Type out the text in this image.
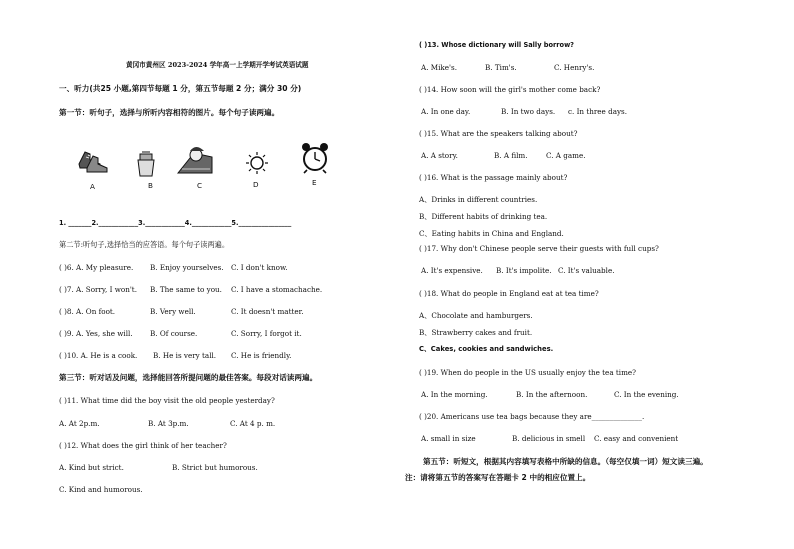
黄冈市黄州区 2023-2024 学年高一上学期开学考试英语试题
一、听力(共25 小题,第四节每题 1 分，第五节每题 2 分；满分 30 分)
第一节：听句子，选择与所听内容相符的图片。每个句子读两遍。
A	B	C	D	E
1. _______2.____________3.____________4.____________5.________________
第二节:听句子,选择恰当的应答语。每个句子读两遍。
( )6. A. My pleasure. B. Enjoy yourselves. C. I don't know.
( )7. A. Sorry, I won't. B. The same to you. C. I have a stomachache.
( )8. A. On foot.	B. Very well.	C. It doesn't matter.
( )9. A. Yes, she will. B. Of course.	C. Sorry, I forgot it.
( )10. A. He is a cook. B. He is very tall. C. He is friendly.
第三节：听对话及问题，选择能回答所提问题的最佳答案。每段对话读两遍。
( )11. What time did the boy visit the old people yesterday?
A. At 2p.m.	B. At 3p.m.	C. At 4 p. m.
( )12. What does the girl think of her teacher?
A. Kind but strict.	B. Strict but humorous.
C. Kind and humorous.
( )13. Whose dictionary will Sally borrow?
A. Mike's.	B. Tim's.	C. Henry's.
( )14. How soon will the girl's mother come back?
A. In one day.	B. In two days. c. In three days.
( )15. What are the speakers talking about?
A. A story.	B. A film.	C. A game.
( )16. What is the passage mainly about?
A、Drinks in different countries.
B、Different habits of drinking tea.
C、Eating habits in China and England.
( )17. Why don't Chinese people serve their guests with full cups?
A. It's expensive. B. It's impolite. C. It's valuable.
( )18. What do people in England eat at tea time?
A、Chocolate and hamburgers.
B、Strawberry cakes and fruit.
C、Cakes, cookies and sandwiches.
( )19. When do people in the US usually enjoy the tea time?
A. In the morning.	B. In the afternoon.	C. In the evening.
( )20. Americans use tea bags because they are______________.
A. small in size	B. delicious in smell C. easy and convenient
第五节：听短文，根据其内容填写表格中所缺的信息。（每空仅填一词）短文读三遍。
注：请将第五节的答案写在答题卡 2 中的相应位置上。
